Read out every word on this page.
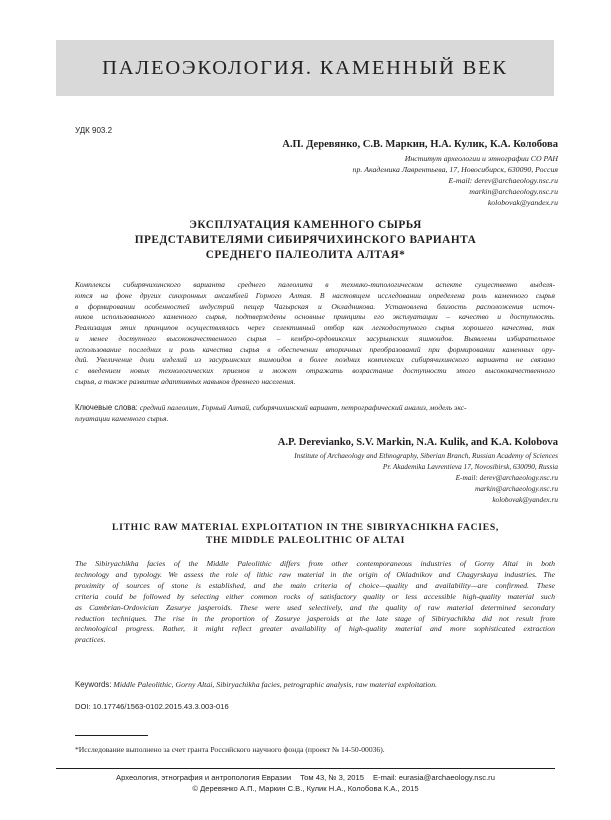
ПАЛЕОЭКОЛОГИЯ. КАМЕННЫЙ ВЕК
УДК 903.2
А.П. Деревянко, С.В. Маркин, Н.А. Кулик, К.А. Колобова
Институт археологии и этнографии СО РАН
пр. Академика Лаврентьева, 17, Новосибирск, 630090, Россия
E-mail: derev@archaeology.nsc.ru
markin@archaeology.nsc.ru
kolobovak@yandex.ru
ЭКСПЛУАТАЦИЯ КАМЕННОГО СЫРЬЯ
ПРЕДСТАВИТЕЛЯМИ СИБИРЯЧИХИНСКОГО ВАРИАНТА
СРЕДНЕГО ПАЛЕОЛИТА АЛТАЯ*
Комплексы сибирячихинского варианта среднего палеолита в технико-типологическом аспекте существенно выделя-
ются на фоне других синхронных ансамблей Горного Алтая. В настоящем исследовании определена роль каменного сырья
в формировании особенностей индустрий пещер Чагырская и Окладникова. Установлена близость расположения источ-
ников использованного каменного сырья, подтверждены основные принципы его эксплуатации – качество и доступность.
Реализация этих принципов осуществлялась через селективный отбор как легкодоступного сырья хорошего качества, так
и менее доступного высококачественного сырья – кембро-ордовикских засурьинских яшмоидов. Выявлены избирательное
использование последних и роль качества сырья в обеспечении вторичных преобразований при формировании каменных ору-
дий. Увеличение доли изделий из засурьинских яшмоидов в более поздних комплексах сибирячихинского варианта не связано
с введением новых технологических приемов и может отражать возрастание доступности этого высококачественного
сырья, а также развитие адаптивных навыков древнего населения.
Ключевые слова: средний палеолит, Горный Алтай, сибирячихинский вариант, петрографический анализ, модель экс-
плуатации каменного сырья.
A.P. Derevianko, S.V. Markin, N.A. Kulik, and K.A. Kolobova
Institute of Archaeology and Ethnography, Siberian Branch, Russian Academy of Sciences
Pr. Akademika Lavrentieva 17, Novosibirsk, 630090, Russia
E-mail: derev@archaeology.nsc.ru
markin@archaeology.nsc.ru
kolobovak@yandex.ru
LITHIC RAW MATERIAL EXPLOITATION IN THE SIBIRYACHIKHA FACIES,
THE MIDDLE PALEOLITHIC OF ALTAI
The Sibiryachikha facies of the Middle Paleolithic differs from other contemporaneous industries of Gorny Altai in both
technology and typology. We assess the role of lithic raw material in the origin of Okladnikov and Chagyrskaya industries. The
proximity of sources of stone is established, and the main criteria of choice—quality and availability—are confirmed. These
criteria could be followed by selecting either common rocks of satisfactory quality or less accessible high-quality material such
as Cambrian-Ordovician Zasurye jasperoids. These were used selectively, and the quality of raw material determined secondary
reduction techniques. The rise in the proportion of Zasurye jasperoids at the late stage of Sibiryachikha did not result from
technological progress. Rather, it might reflect greater availability of high-quality material and more sophisticated extraction
practices.
Keywords: Middle Paleolithic, Gorny Altai, Sibiryachikha facies, petrographic analysis, raw material exploitation.
DOI: 10.17746/1563-0102.2015.43.3.003-016
*Исследование выполнено за счет гранта Российского научного фонда (проект № 14-50-00036).
Археология, этнография и антропология Евразии Том 43, № 3, 2015 E-mail: eurasia@archaeology.nsc.ru
© Деревянко А.П., Маркин С.В., Кулик Н.А., Колобова К.А., 2015
